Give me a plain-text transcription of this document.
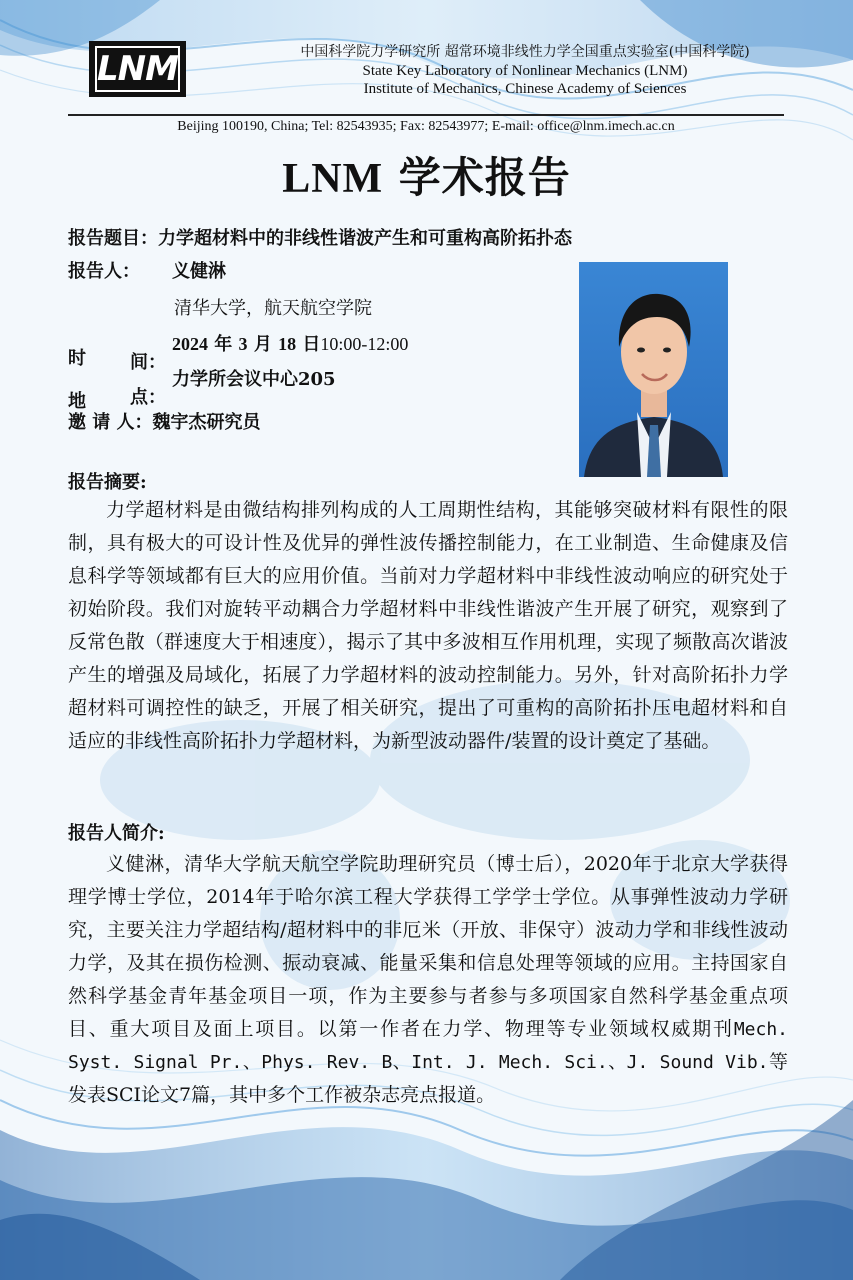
LNM	中国科学院力学研究所 超常环境非线性力学全国重点实验室(中国科学院)
State Key Laboratory of Nonlinear Mechanics (LNM)
Institute of Mechanics, Chinese Academy of Sciences
Beijing 100190, China; Tel: 82543935; Fax: 82543977; E-mail: office@lnm.imech.ac.cn
LNM 学术报告
报告题目：力学超材料中的非线性谐波产生和可重构高阶拓扑态
报告人： 义健淋
清华大学，航天航空学院
时 间：
2024 年 3 月 18 日10:00-12:00
地 点：
力学所会议中心205
邀 请 人：魏宇杰研究员
报告摘要:
力学超材料是由微结构排列构成的人工周期性结构，其能够突破材料有限性的限制，具有极大的可设计性及优异的弹性波传播控制能力，在工业制造、生命健康及信息科学等领域都有巨大的应用价值。当前对力学超材料中非线性波动响应的研究处于初始阶段。我们对旋转平动耦合力学超材料中非线性谐波产生开展了研究，观察到了反常色散（群速度大于相速度），揭示了其中多波相互作用机理，实现了频散高次谐波产生的增强及局域化，拓展了力学超材料的波动控制能力。另外，针对高阶拓扑力学超材料可调控性的缺乏，开展了相关研究，提出了可重构的高阶拓扑压电超材料和自适应的非线性高阶拓扑力学超材料，为新型波动器件/装置的设计奠定了基础。
报告人简介:
义健淋，清华大学航天航空学院助理研究员（博士后），2020年于北京大学获得理学博士学位，2014年于哈尔滨工程大学获得工学学士学位。从事弹性波动力学研究，主要关注力学超结构/超材料中的非厄米（开放、非保守）波动力学和非线性波动力学，及其在损伤检测、振动衰减、能量采集和信息处理等领域的应用。主持国家自然科学基金青年基金项目一项，作为主要参与者参与多项国家自然科学基金重点项目、重大项目及面上项目。以第一作者在力学、物理等专业领域权威期刊Mech. Syst. Signal Pr.、Phys. Rev. B、Int. J. Mech. Sci.、J. Sound Vib.等发表SCI论文7篇，其中多个工作被杂志亮点报道。
